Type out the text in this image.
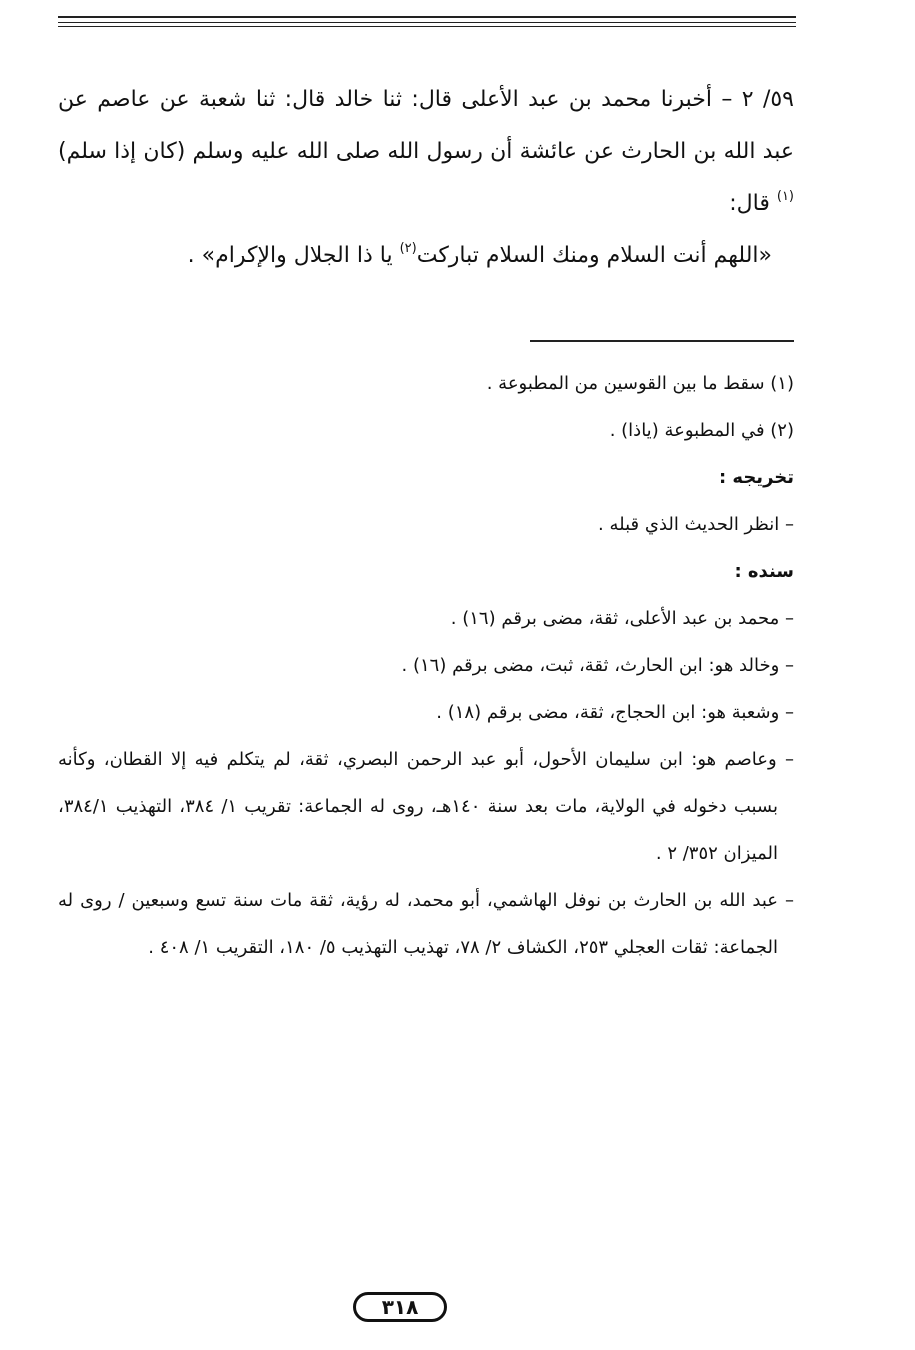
٥٩/ ٢ – أخبرنا محمد بن عبد الأعلى قال: ثنا خالد قال: ثنا شعبة عن عاصم عن عبد الله بن الحارث عن عائشة أن رسول الله صلى الله عليه وسلم (كان إذا سلم)$^{(١)}$ قال:

«اللهم أنت السلام ومنك السلام تباركت$^{(٢)}$ يا ذا الجلال والإكرام» .

(١) سقط ما بين القوسين من المطبوعة .

(٢) في المطبوعة (ياذا) .

تخريجه :

– انظر الحديث الذي قبله .

سنده :

– محمد بن عبد الأعلى، ثقة، مضى برقم (١٦) .

– وخالد هو: ابن الحارث، ثقة، ثبت، مضى برقم (١٦) .

– وشعبة هو: ابن الحجاج، ثقة، مضى برقم (١٨) .

– وعاصم هو: ابن سليمان الأحول، أبو عبد الرحمن البصري، ثقة، لم يتكلم فيه إلا القطان، وكأنه بسبب دخوله في الولاية، مات بعد سنة ١٤٠هـ، روى له الجماعة: تقريب ١/ ٣٨٤، التهذيب ٣٨٤/١، الميزان ٣٥٢/ ٢ .

– عبد الله بن الحارث بن نوفل الهاشمي، أبو محمد، له رؤية، ثقة مات سنة تسع وسبعين / روى له الجماعة: ثقات العجلي ٢٥٣، الكشاف ٢/ ٧٨، تهذيب التهذيب ٥/ ١٨٠، التقريب ١/ ٤٠٨ .

٣١٨
